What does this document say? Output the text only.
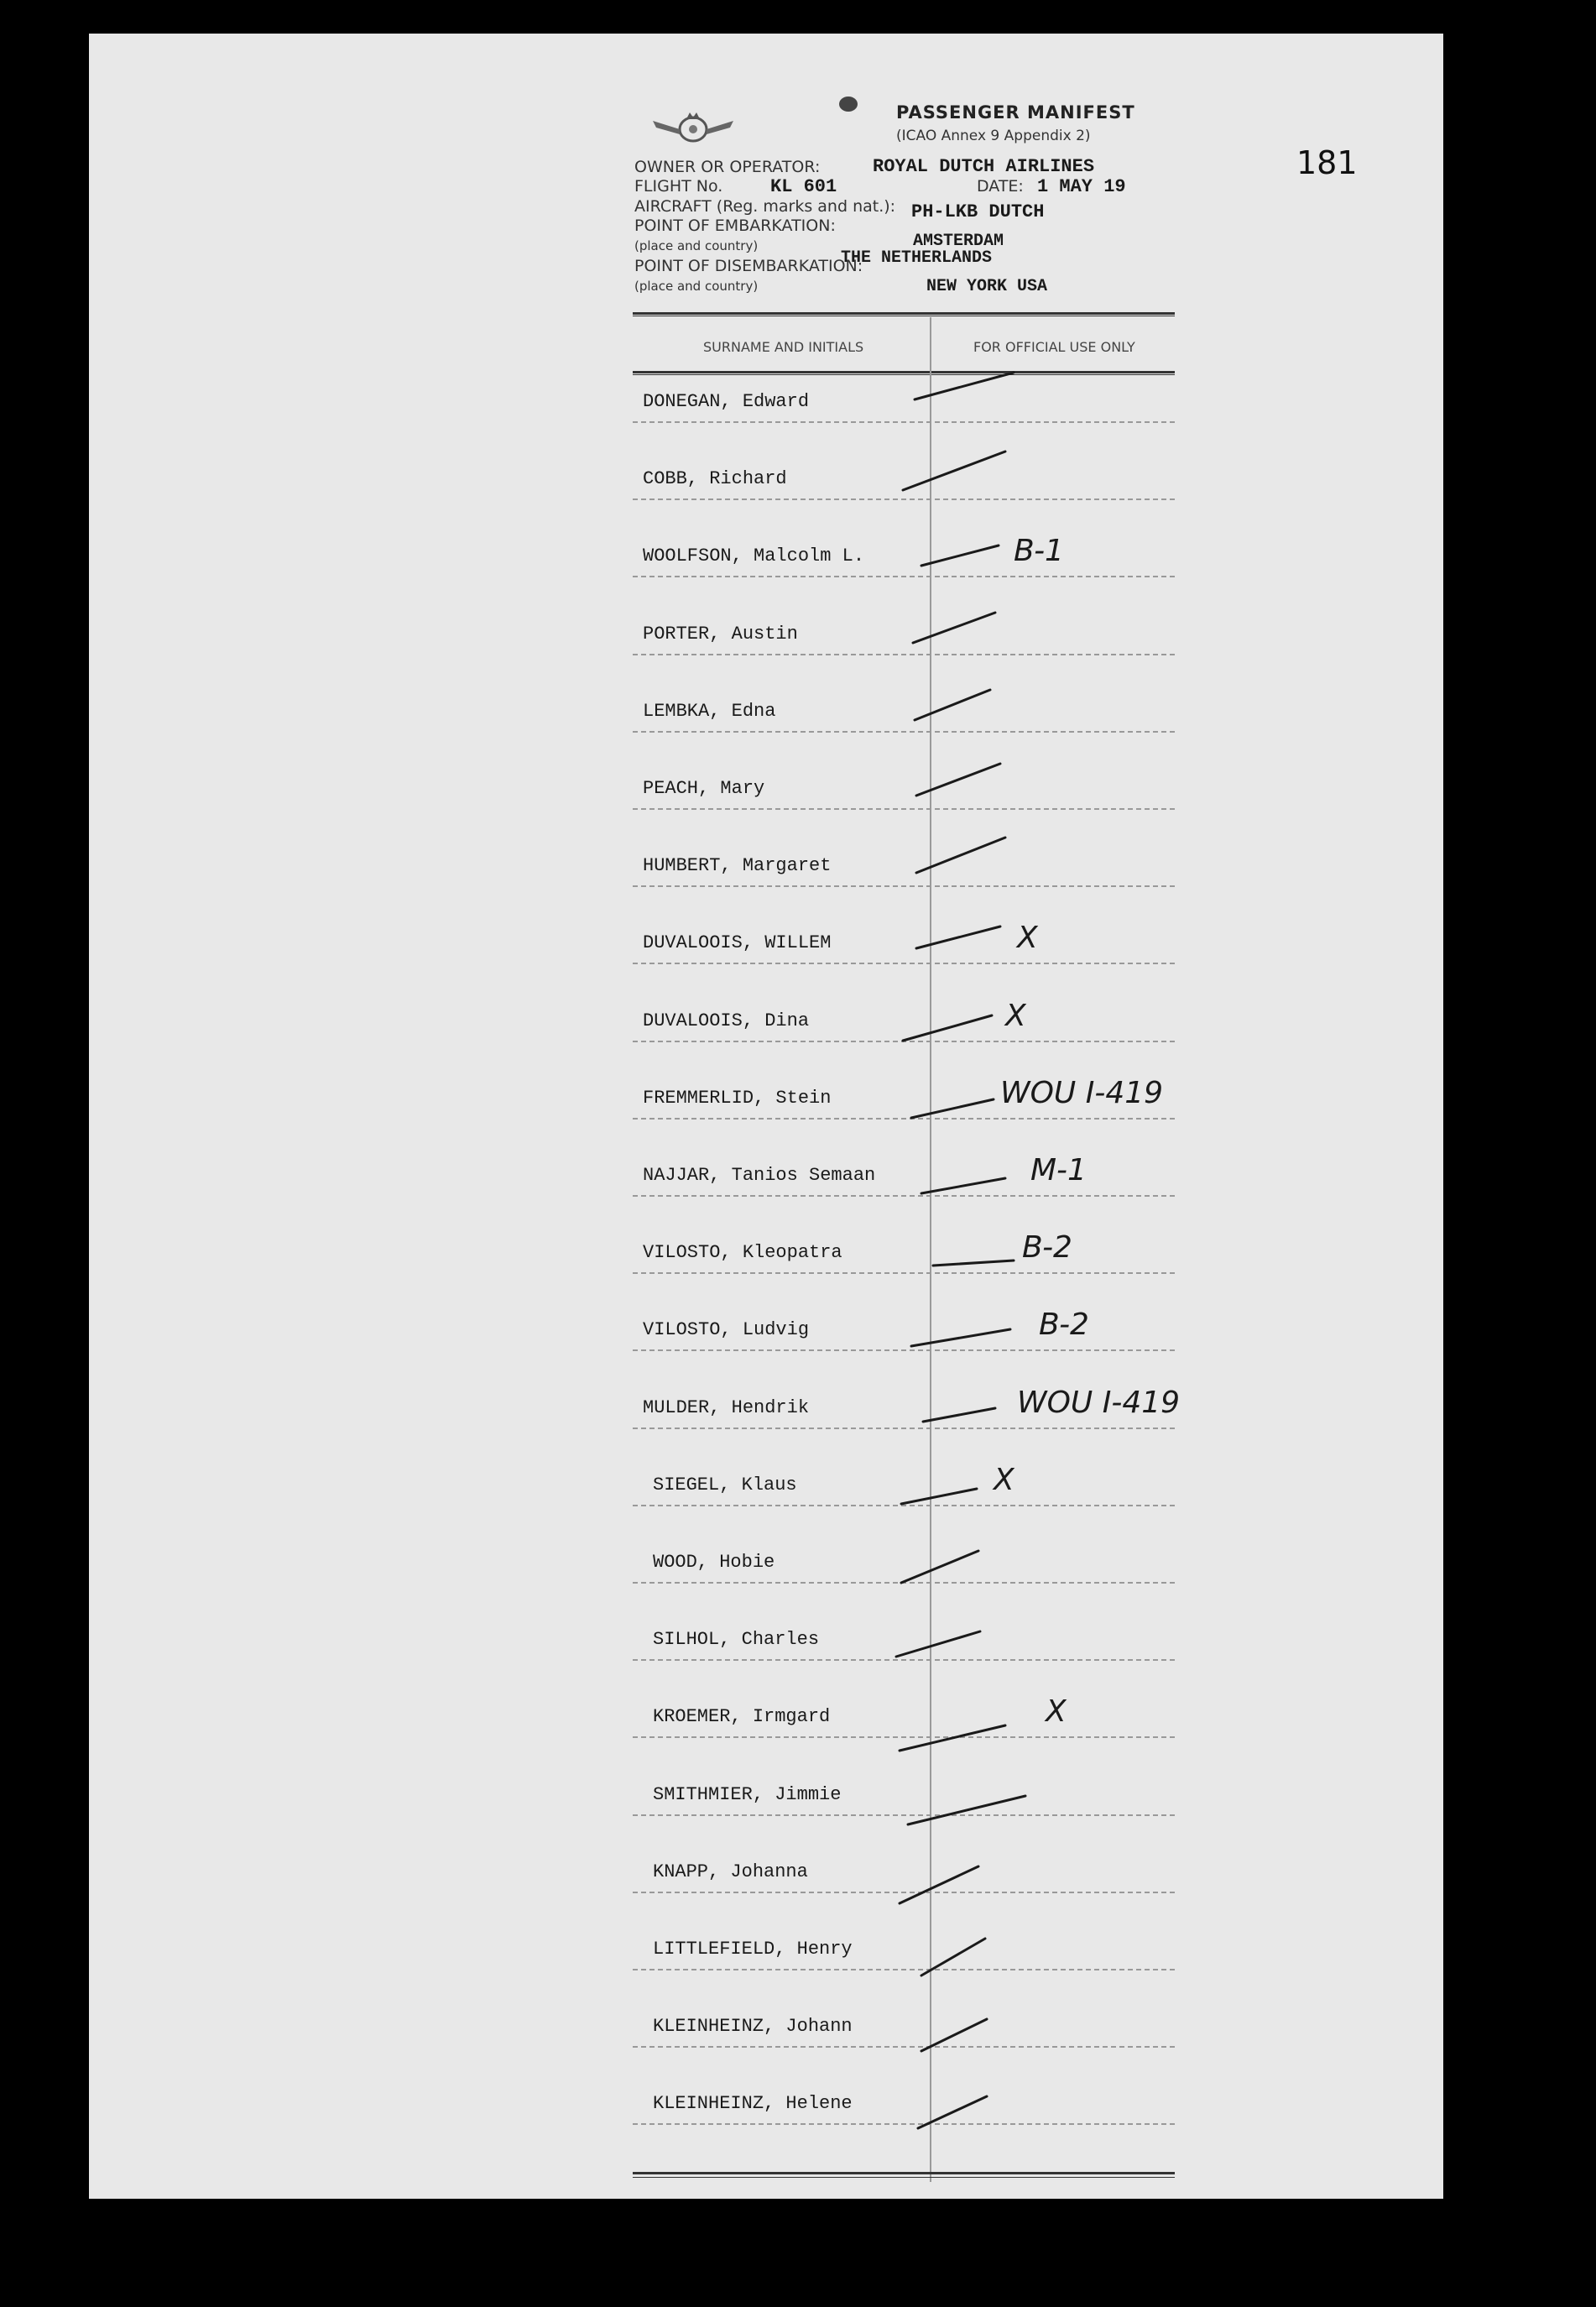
181
PASSENGER MANIFEST
(ICAO Annex 9 Appendix 2)
OWNER OR OPERATOR:	ROYAL DUTCH AIRLINES
FLIGHT No.	KL 601	DATE: 1 MAY 19
AIRCRAFT (Reg. marks and nat.): PH-LKB DUTCH
POINT OF EMBARKATION:
AMSTERDAM
(place and country)
THE NETHERLANDS
POINT OF DISEMBARKATION:
NEW YORK USA
(place and country)
SURNAME AND INITIALS	FOR OFFICIAL USE ONLY
DONEGAN, Edward
COBB, Richard
WOOLFSON, Malcolm L.	B-1
PORTER, Austin
LEMBKA, Edna
PEACH, Mary
HUMBERT, Margaret
DUVALOOIS, WILLEM	X
DUVALOOIS, Dina	X
FREMMERLID, Stein	WOU I-419
NAJJAR, Tanios Semaan	M-1
VILOSTO, Kleopatra	B-2
VILOSTO, Ludvig	B-2
MULDER, Hendrik	WOU I-419
SIEGEL, Klaus	X
WOOD, Hobie
SILHOL, Charles
KROEMER, Irmgard	X
SMITHMIER, Jimmie
KNAPP, Johanna
LITTLEFIELD, Henry
KLEINHEINZ, Johann
KLEINHEINZ, Helene
